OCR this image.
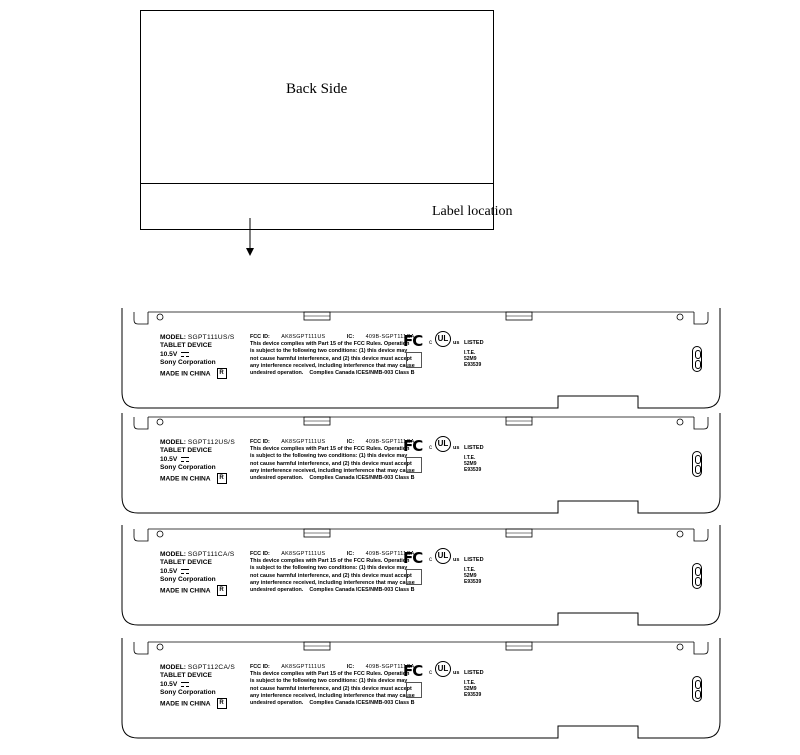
Back Side
Label location
MODEL: SGPT111US/S
TABLET DEVICE
10.5V
Sony Corporation
MADE IN CHINA R
FCC ID: AK8SGPT111US	IC: 409B-SGPT111CA
This device complies with Part 15 of the FCC Rules. Operation
is subject to the following two conditions: (1) this device may
not cause harmful interference, and (2) this device must accept
any interference received, including interference that may cause
undesired operation. Complies Canada ICES/NMB-003 Class B
FC c UL us LISTED
I.T.E.
52M9
E93539
MODEL: SGPT112US/S
TABLET DEVICE
10.5V
Sony Corporation
MADE IN CHINA R
FCC ID: AK8SGPT111US	IC: 409B-SGPT111CA
This device complies with Part 15 of the FCC Rules. Operation
is subject to the following two conditions: (1) this device may
not cause harmful interference, and (2) this device must accept
any interference received, including interference that may cause
undesired operation. Complies Canada ICES/NMB-003 Class B
FC c UL us LISTED
I.T.E.
52M9
E93539
MODEL: SGPT111CA/S
TABLET DEVICE
10.5V
Sony Corporation
MADE IN CHINA R
FCC ID: AK8SGPT111US	IC: 409B-SGPT111CA
This device complies with Part 15 of the FCC Rules. Operation
is subject to the following two conditions: (1) this device may
not cause harmful interference, and (2) this device must accept
any interference received, including interference that may cause
undesired operation. Complies Canada ICES/NMB-003 Class B
FC c UL us LISTED
I.T.E.
52M9
E93539
MODEL: SGPT112CA/S
TABLET DEVICE
10.5V
Sony Corporation
MADE IN CHINA R
FCC ID: AK8SGPT111US	IC: 409B-SGPT111CA
This device complies with Part 15 of the FCC Rules. Operation
is subject to the following two conditions: (1) this device may
not cause harmful interference, and (2) this device must accept
any interference received, including interference that may cause
undesired operation. Complies Canada ICES/NMB-003 Class B
FC c UL us LISTED
I.T.E.
52M9
E93539
